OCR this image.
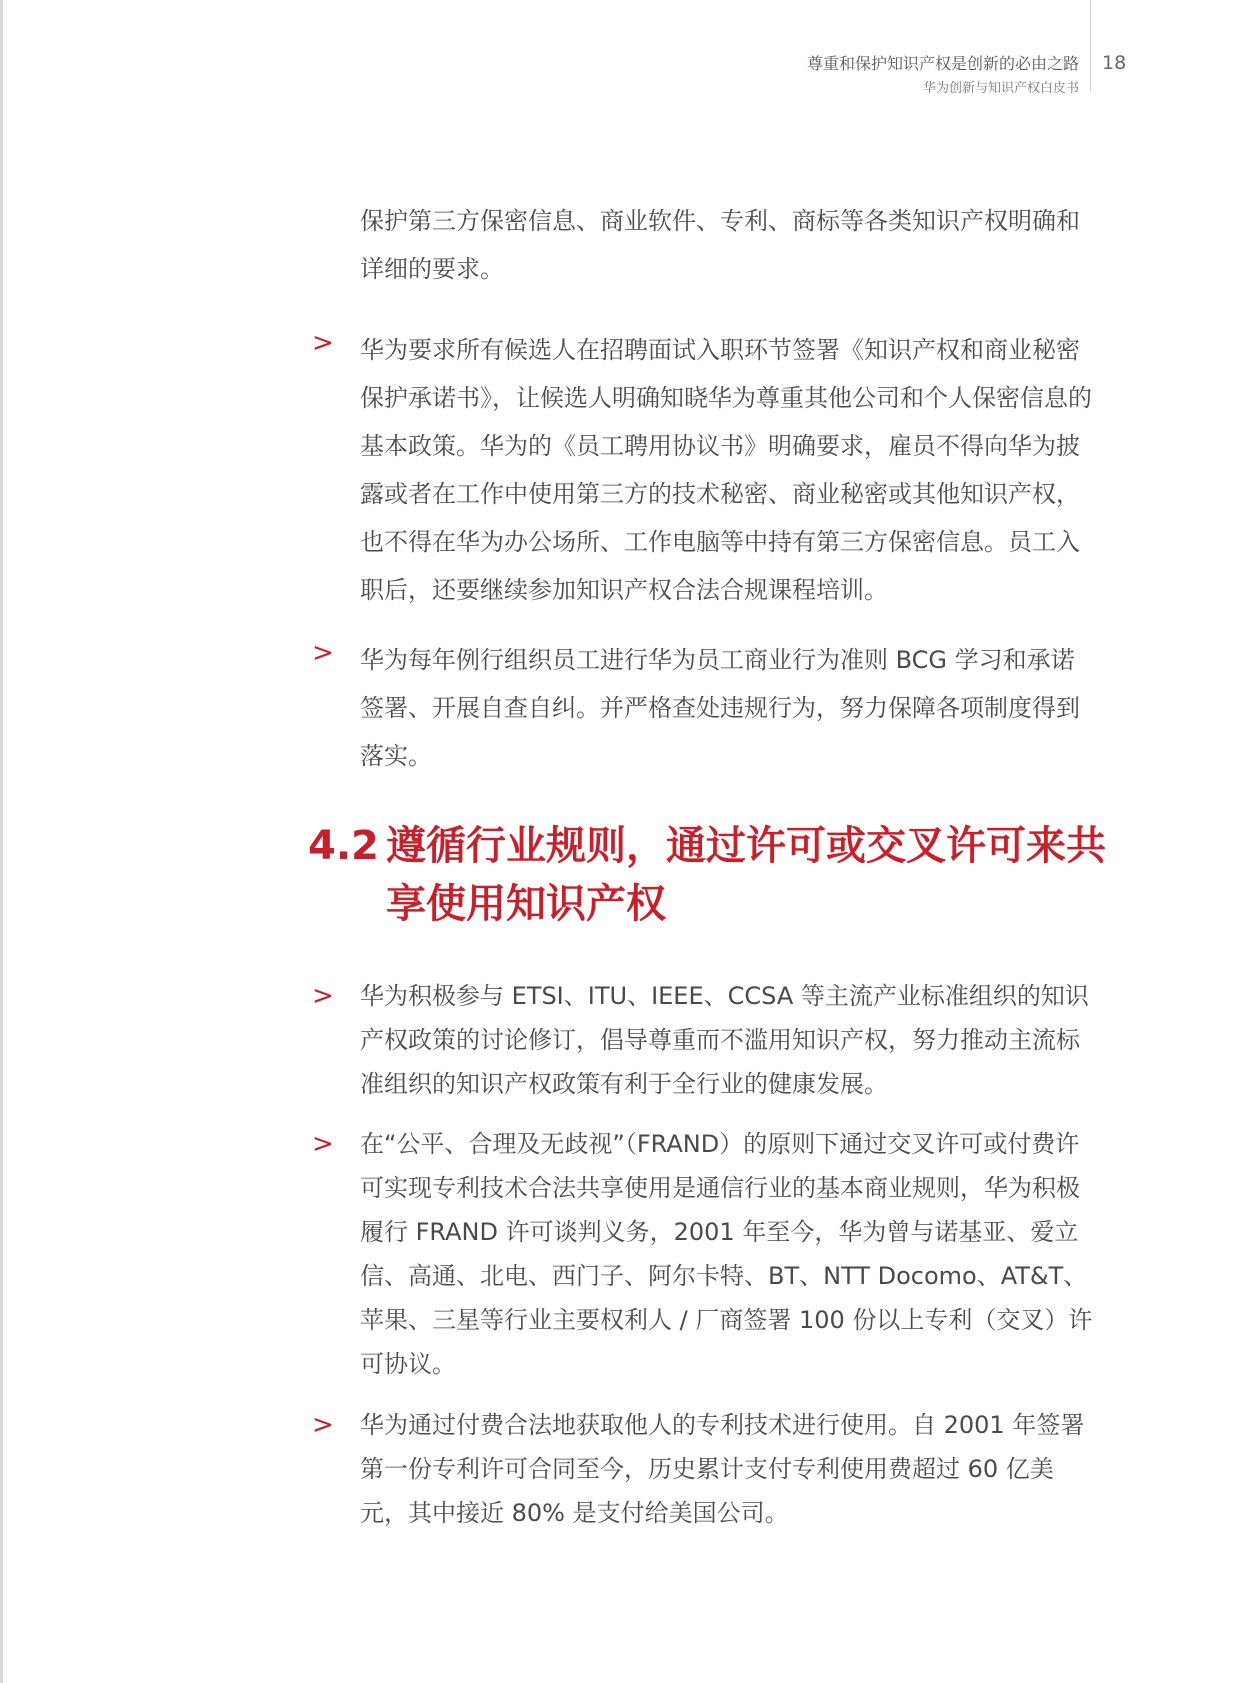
尊重和保护知识产权是创新的必由之路
华为创新与知识产权白皮书
18

保护第三方保密信息、商业软件、专利、商标等各类知识产权明确和详细的要求。

> 华为要求所有候选人在招聘面试入职环节签署《知识产权和商业秘密保护承诺书》，让候选人明确知晓华为尊重其他公司和个人保密信息的基本政策。华为的《员工聘用协议书》明确要求，雇员不得向华为披露或者在工作中使用第三方的技术秘密、商业秘密或其他知识产权，也不得在华为办公场所、工作电脑等中持有第三方保密信息。员工入职后，还要继续参加知识产权合法合规课程培训。

> 华为每年例行组织员工进行华为员工商业行为准则 BCG 学习和承诺签署、开展自查自纠。并严格查处违规行为，努力保障各项制度得到落实。

4.2 遵循行业规则，通过许可或交叉许可来共享使用知识产权
> 华为积极参与 ETSI、ITU、IEEE、CCSA 等主流产业标准组织的知识产权政策的讨论修订，倡导尊重而不滥用知识产权，努力推动主流标准组织的知识产权政策有利于全行业的健康发展。

> 在“公平、合理及无歧视”（FRAND）的原则下通过交叉许可或付费许可实现专利技术合法共享使用是通信行业的基本商业规则，华为积极履行 FRAND 许可谈判义务，2001 年至今，华为曾与诺基亚、爱立信、高通、北电、西门子、阿尔卡特、BT、NTT Docomo、AT&T、苹果、三星等行业主要权利人 / 厂商签署 100 份以上专利（交叉）许可协议。

> 华为通过付费合法地获取他人的专利技术进行使用。自 2001 年签署第一份专利许可合同至今，历史累计支付专利使用费超过 60 亿美元，其中接近 80% 是支付给美国公司。
